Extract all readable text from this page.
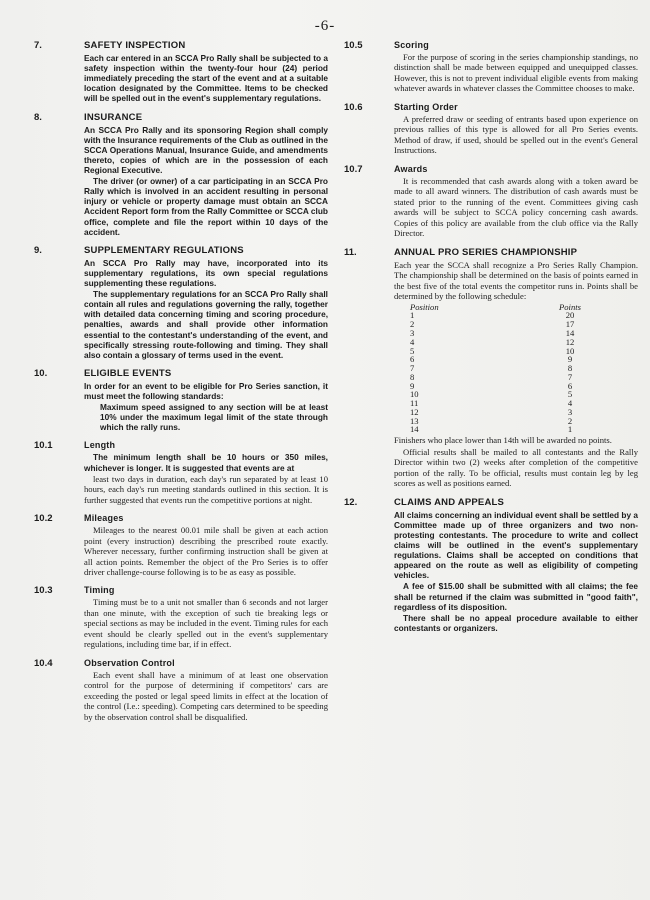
-6-
7.	SAFETY INSPECTION

Each car entered in an SCCA Pro Rally shall be subjected to a safety inspection within the twenty-four hour (24) period immediately preceding the start of the event and at a suitable location designated by the Committee. Items to be checked will be spelled out in the event's supplementary regulations.

8.	INSURANCE

An SCCA Pro Rally and its sponsoring Region shall comply with the Insurance requirements of the Club as outlined in the SCCA Operations Manual, Insurance Guide, and amendments thereto, copies of which are in the possession of each Regional Executive.

The driver (or owner) of a car participating in an SCCA Pro Rally which is involved in an accident resulting in personal injury or vehicle or property damage must obtain an SCCA Accident Report form from the Rally Committee or SCCA club office, complete and file the report within 10 days of the accident.

9.	SUPPLEMENTARY REGULATIONS

An SCCA Pro Rally may have, incorporated into its supplementary regulations, its own special regulations supplementing these regulations.

The supplementary regulations for an SCCA Pro Rally shall contain all rules and regulations governing the rally, together with detailed data concerning timing and scoring procedure, penalties, awards and shall provide other information essential to the contestant's understanding of the event, and specifically stressing route-following and timing. They shall also contain a glossary of terms used in the event.

10.	ELIGIBLE EVENTS

In order for an event to be eligible for Pro Series sanction, it must meet the following standards:

Maximum speed assigned to any section will be at least 10% under the maximum legal limit of the state through which the rally runs.

10.1	Length

The minimum length shall be 10 hours or 350 miles, whichever is longer. It is suggested that events are at

least two days in duration, each day's run separated by at least 10 hours, each day's run meeting standards outlined in this section. It is further suggested that events run the competitive portions at night.

10.2	Mileages

Mileages to the nearest 00.01 mile shall be given at each action point (every instruction) describing the prescribed route exactly. Wherever necessary, further confirming instruction shall be given at all action points. Remember the object of the Pro Series is to offer driver challenge-course following is to be as easy as possible.

10.3	Timing

Timing must be to a unit not smaller than 6 seconds and not larger than one minute, with the exception of such tie breaking legs or special sections as may be included in the event. Timing rules for each event should be clearly spelled out in the event's supplementary regulations, including time bar, if in effect.

10.4	Observation Control

Each event shall have a minimum of at least one observation control for the purpose of determining if competitors' cars are exceeding the posted or legal speed limits in effect at the location of the control (I.e.: speeding). Competing cars determined to be speeding by the observation control shall be disqualified.

10.5	Scoring

For the purpose of scoring in the series championship standings, no distinction shall be made between equipped and unequipped classes. However, this is not to prevent individual eligible events from making whatever awards in whatever classes the Committee chooses to make.

10.6	Starting Order

A preferred draw or seeding of entrants based upon experience on previous rallies of this type is allowed for all Pro Series events. Method of draw, if used, should be spelled out in the event's General Instructions.

10.7	Awards

It is recommended that cash awards along with a token award be made to all award winners. The distribution of cash awards must be stated prior to the running of the event. Committees giving cash awards will be subject to SCCA policy concerning cash awards. Copies of this policy are available from the club office via the Rally Director.

11.	ANNUAL PRO SERIES CHAMPIONSHIP

Each year the SCCA shall recognize a Pro Series Rally Champion. The championship shall be determined on the basis of points earned in the best five of the total events the competitor runs in. Points shall be determined by the following schedule:

Position	Points
1	20
2	17
3	14
4	12
5	10
6	9
7	8
8	7
9	6
10	5
11	4
12	3
13	2
14	1

Finishers who place lower than 14th will be awarded no points.

Official results shall be mailed to all contestants and the Rally Director within two (2) weeks after completion of the competitive portion of the rally. To be official, results must contain leg by leg scores as well as positions earned.

12.	CLAIMS AND APPEALS

All claims concerning an individual event shall be settled by a Committee made up of three organizers and two non-protesting contestants. The procedure to write and collect claims will be outlined in the event's supplementary regulations. Claims shall be accepted on conditions that appeared on the route as well as eligibility of competing vehicles.

A fee of $15.00 shall be submitted with all claims; the fee shall be returned if the claim was submitted in "good faith", regardless of its disposition.

There shall be no appeal procedure available to either contestants or organizers.
